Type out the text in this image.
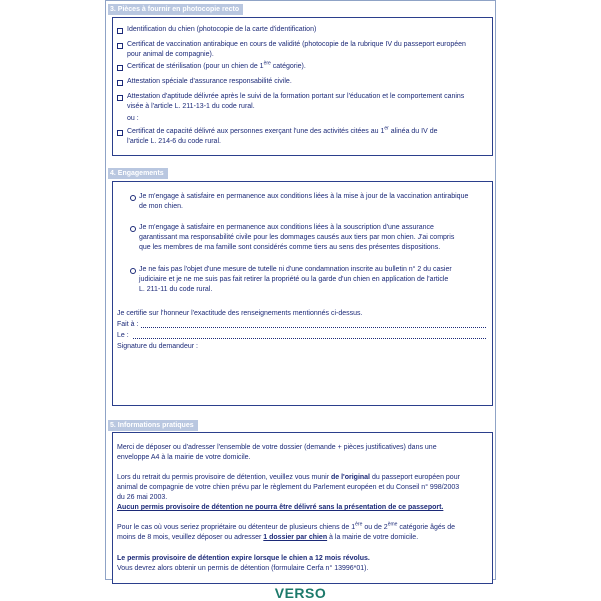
3. Pièces à fournir en photocopie recto
Identification du chien (photocopie de la carte d'identification)
Certificat de vaccination antirabique en cours de validité (photocopie de la rubrique IV du passeport européen
pour animal de compagnie).
Certificat de stérilisation (pour un chien de 1ère catégorie).
Attestation spéciale d'assurance responsabilité civile.
Attestation d'aptitude délivrée après le suivi de la formation portant sur l'éducation et le comportement canins
visée à l'article L. 211-13-1 du code rural.
ou :
Certificat de capacité délivré aux personnes exerçant l'une des activités citées au 1er alinéa du IV de
l'article L. 214-6 du code rural.
4. Engagements
Je m'engage à satisfaire en permanence aux conditions liées à la mise à jour de la vaccination antirabique
de mon chien.
Je m'engage à satisfaire en permanence aux conditions liées à la souscription d'une assurance
garantissant ma responsabilité civile pour les dommages causés aux tiers par mon chien. J'ai compris
que les membres de ma famille sont considérés comme tiers au sens des présentes dispositions.
Je ne fais pas l'objet d'une mesure de tutelle ni d'une condamnation inscrite au bulletin n° 2 du casier
judiciaire et je ne me suis pas fait retirer la propriété ou la garde d'un chien en application de l'article
L. 211-11 du code rural.
Je certifie sur l'honneur l'exactitude des renseignements mentionnés ci-dessus.
Fait à :
Le :
Signature du demandeur :
5. Informations pratiques
Merci de déposer ou d'adresser l'ensemble de votre dossier (demande + pièces justificatives) dans une
enveloppe A4 à la mairie de votre domicile.
Lors du retrait du permis provisoire de détention, veuillez vous munir de l'original du passeport européen pour
animal de compagnie de votre chien prévu par le règlement du Parlement européen et du Conseil n° 998/2003
du 26 mai 2003.
Aucun permis provisoire de détention ne pourra être délivré sans la présentation de ce passeport.
Pour le cas où vous seriez propriétaire ou détenteur de plusieurs chiens de 1ère ou de 2ème catégorie âgés de
moins de 8 mois, veuillez déposer ou adresser 1 dossier par chien à la mairie de votre domicile.
Le permis provisoire de détention expire lorsque le chien a 12 mois révolus.
Vous devrez alors obtenir un permis de détention (formulaire Cerfa n° 13996*01).
VERSO
